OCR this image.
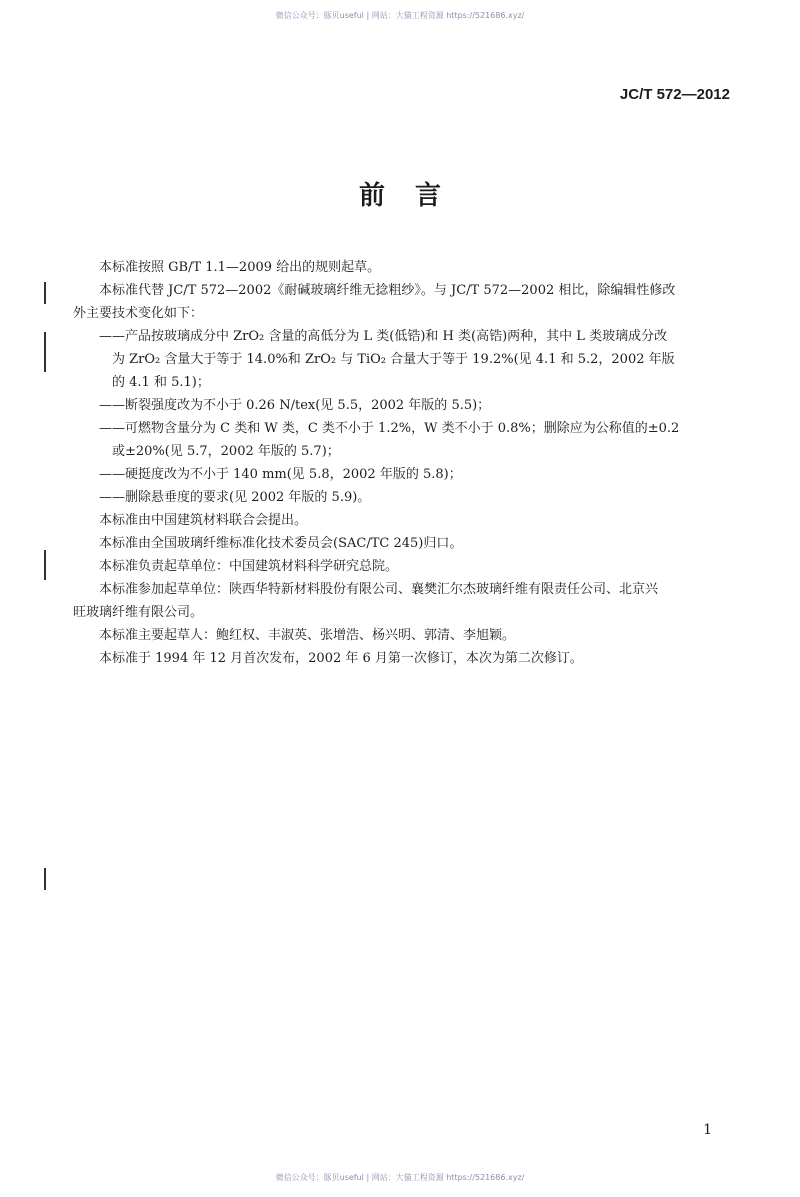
微信公众号：豚贝useful | 网站：大猫工程资源 https://521686.xyz/
JC/T 572—2012
前言

本标准按照 GB/T 1.1—2009 给出的规则起草。

本标准代替 JC/T 572—2002《耐碱玻璃纤维无捻粗纱》。与 JC/T 572—2002 相比，除编辑性修改

外主要技术变化如下：

——产品按玻璃成分中 ZrO₂ 含量的高低分为 L 类(低锆)和 H 类(高锆)两种，其中 L 类玻璃成分改

为 ZrO₂ 含量大于等于 14.0%和 ZrO₂ 与 TiO₂ 合量大于等于 19.2%(见 4.1 和 5.2，2002 年版

的 4.1 和 5.1)；

——断裂强度改为不小于 0.26 N/tex(见 5.5，2002 年版的 5.5)；

——可燃物含量分为 C 类和 W 类，C 类不小于 1.2%，W 类不小于 0.8%；删除应为公称值的±0.2

或±20%(见 5.7，2002 年版的 5.7)；

——硬挺度改为不小于 140 mm(见 5.8，2002 年版的 5.8)；

——删除悬垂度的要求(见 2002 年版的 5.9)。

本标准由中国建筑材料联合会提出。

本标准由全国玻璃纤维标准化技术委员会(SAC/TC 245)归口。

本标准负责起草单位：中国建筑材料科学研究总院。

本标准参加起草单位：陕西华特新材料股份有限公司、襄樊汇尔杰玻璃纤维有限责任公司、北京兴

旺玻璃纤维有限公司。

本标准主要起草人：鲍红权、丰淑英、张增浩、杨兴明、郭清、李旭颖。

本标准于 1994 年 12 月首次发布，2002 年 6 月第一次修订，本次为第二次修订。

1
微信公众号：豚贝useful | 网站：大猫工程资源 https://521686.xyz/
